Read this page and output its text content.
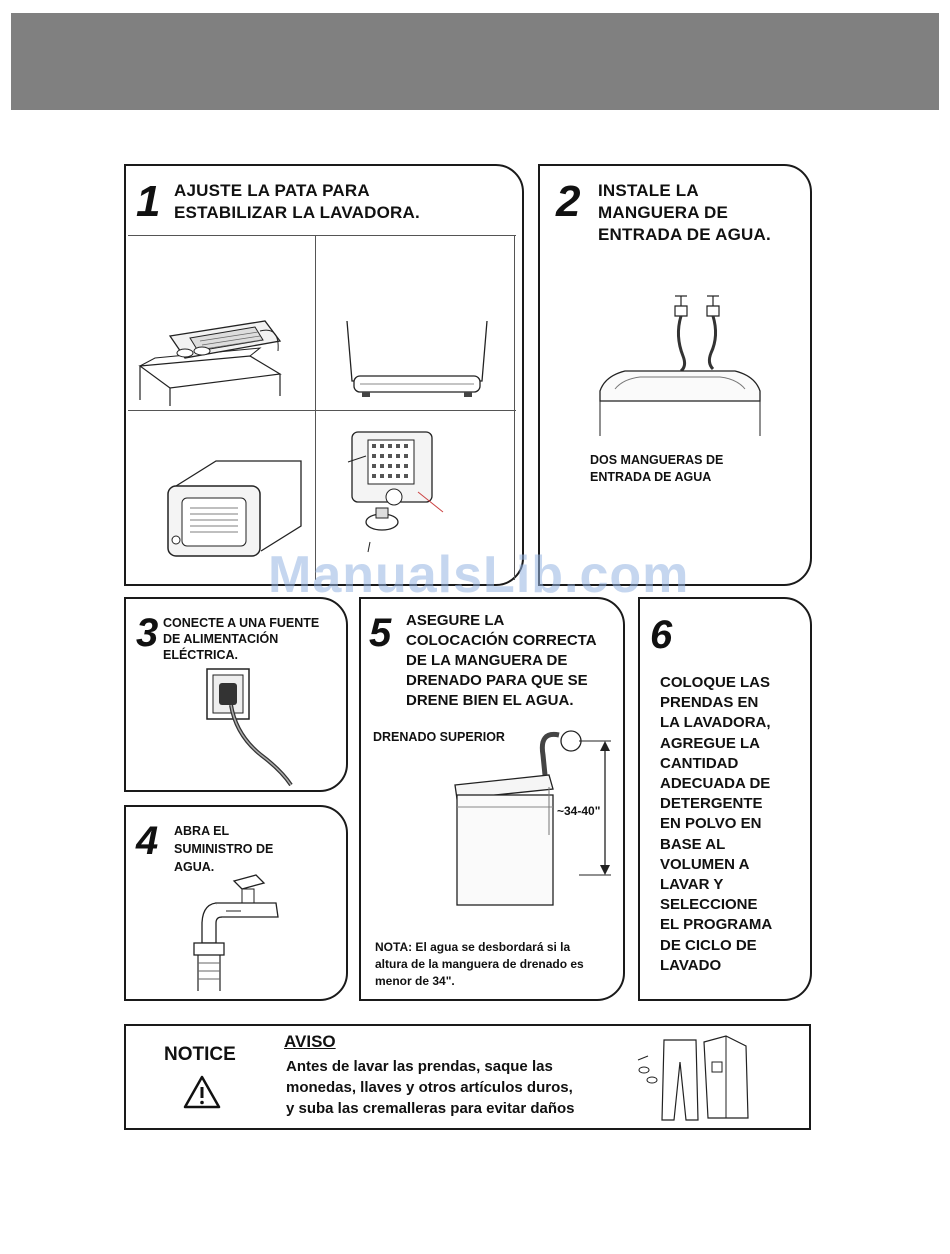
1 AJUSTE LA PATA PARA
ESTABILIZAR LA LAVADORA.	2 INSTALE LA
MANGUERA DE
ENTRADA DE AGUA.
DOS MANGUERAS DE
ENTRADA DE AGUA
3 CONECTE A UNA FUENTE
DE ALIMENTACIÓN
ELÉCTRICA.
4 ABRA EL
SUMINISTRO DE
AGUA.
5 ASEGURE LA
COLOCACIÓN CORRECTA
DE LA MANGUERA DE
DRENADO PARA QUE SE
DRENE BIEN EL AGUA.
DRENADO SUPERIOR
~34-40"
NOTA: El agua se desbordará si la
altura de la manguera de drenado es
menor de 34".
6
COLOQUE LAS
PRENDAS EN
LA LAVADORA,
AGREGUE LA
CANTIDAD
ADECUADA DE
DETERGENTE
EN POLVO EN
BASE AL
VOLUMEN A
LAVAR Y
SELECCIONE
EL PROGRAMA
DE CICLO DE
LAVADO
NOTICE
AVISO
Antes de lavar las prendas, saque las
monedas, llaves y otros artículos duros,
y suba las cremalleras para evitar daños
ManualsLib.com
